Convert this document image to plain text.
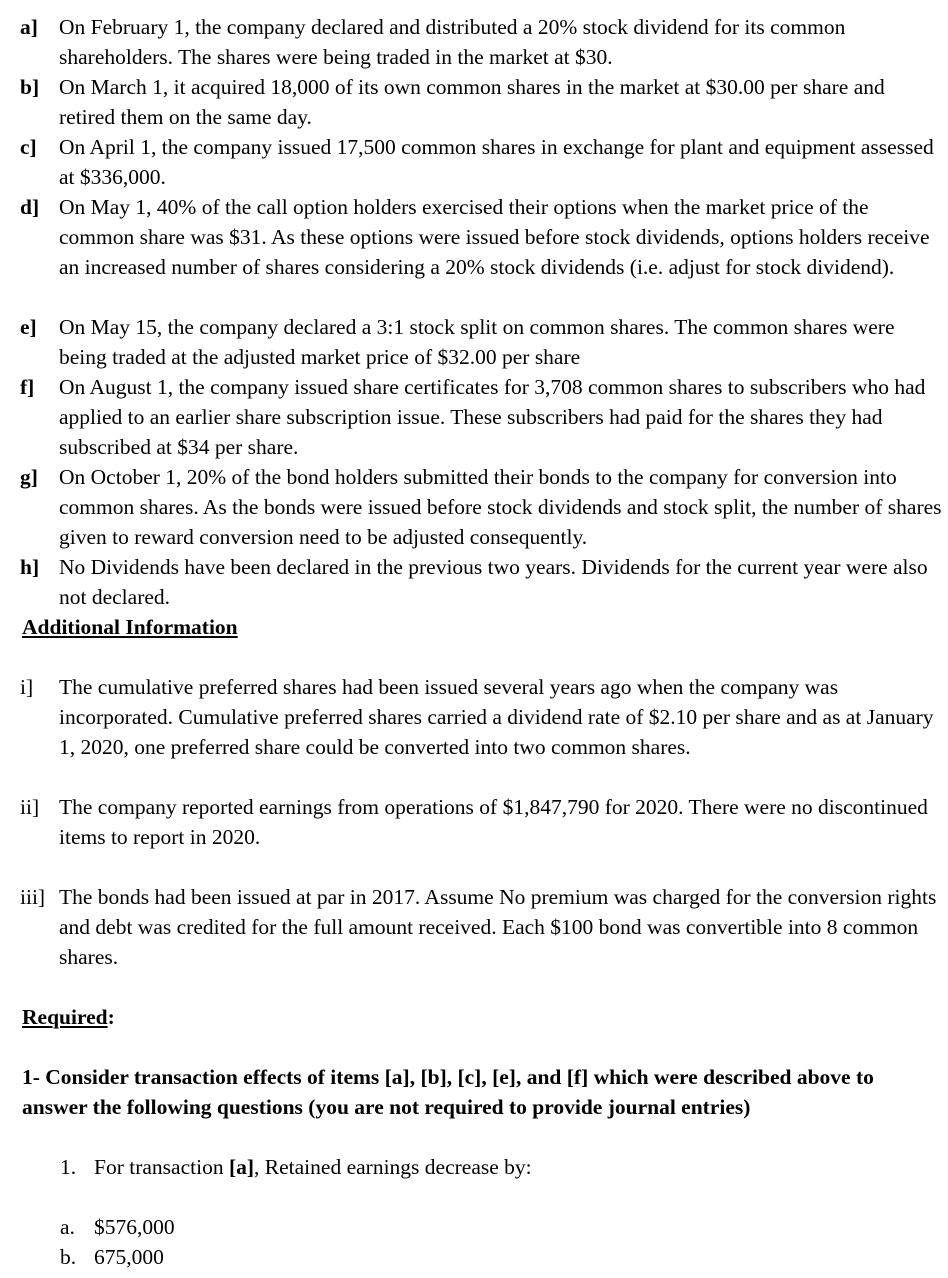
a] On February 1, the company declared and distributed a 20% stock dividend for its common shareholders. The shares were being traded in the market at $30.
b] On March 1, it acquired 18,000 of its own common shares in the market at $30.00 per share and retired them on the same day.
c]	On April 1, the company issued 17,500 common shares in exchange for plant and equipment assessed at $336,000.
d] On May 1, 40% of the call option holders exercised their options when the market price of the common share was $31. As these options were issued before stock dividends, options holders receive an increased number of shares considering a 20% stock dividends (i.e. adjust for stock dividend).
e]	On May 15, the company declared a 3:1 stock split on common shares. The common shares were being traded at the adjusted market price of $32.00 per share
f]	On August 1, the company issued share certificates for 3,708 common shares to subscribers who had applied to an earlier share subscription issue. These subscribers had paid for the shares they had subscribed at $34 per share.
g] On October 1, 20% of the bond holders submitted their bonds to the company for conversion into common shares. As the bonds were issued before stock dividends and stock split, the number of shares given to reward conversion need to be adjusted consequently.
h] No Dividends have been declared in the previous two years. Dividends for the current year were also not declared.
Additional Information
i]	The cumulative preferred shares had been issued several years ago when the company was incorporated. Cumulative preferred shares carried a dividend rate of $2.10 per share and as at January 1, 2020, one preferred share could be converted into two common shares.
ii] The company reported earnings from operations of $1,847,790 for 2020. There were no discontinued items to report in 2020.
iii] The bonds had been issued at par in 2017. Assume No premium was charged for the conversion rights and debt was credited for the full amount received. Each $100 bond was convertible into 8 common shares.
Required:
1- Consider transaction effects of items [a], [b], [c], [e], and [f] which were described above to answer the following questions (you are not required to provide journal entries)
1. For transaction [a], Retained earnings decrease by:
a. $576,000
b. 675,000
